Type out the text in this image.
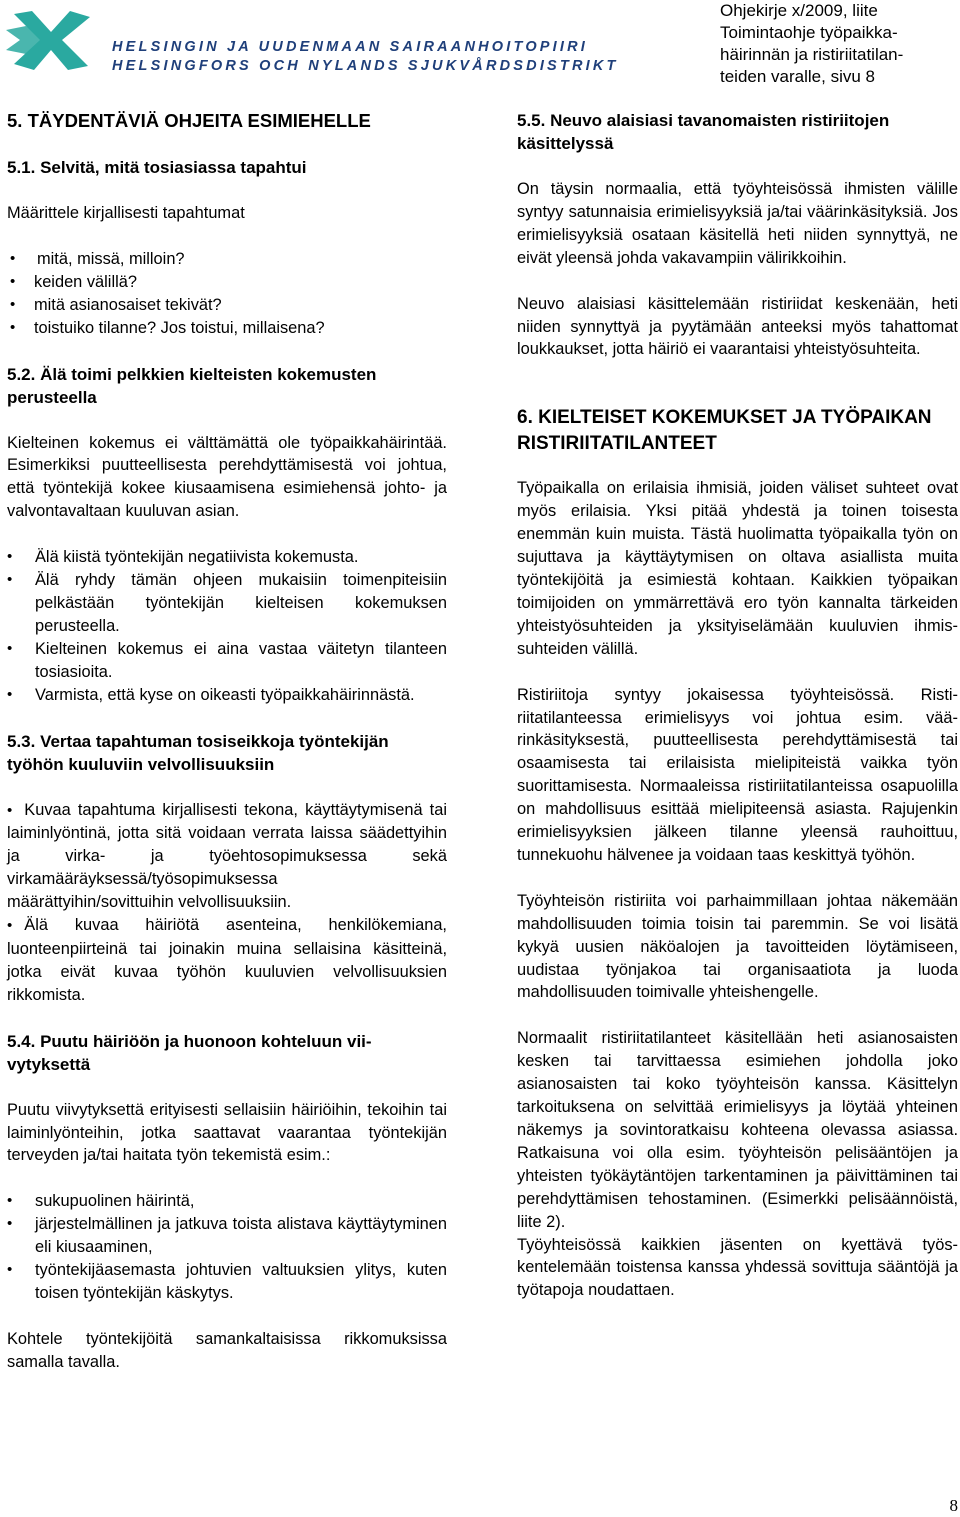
HELSINGIN JA UUDENMAAN SAIRAANHOITOPIIRI
HELSINGFORS OCH NYLANDS SJUKVÅRDSDISTRIKT
Ohjekirje x/2009, liite
Toimintaohje työpaikka-
häirinnän ja ristiriitatilan-
teiden varalle, sivu 8
5. TÄYDENTÄVIÄ OHJEITA ESIMIEHELLE
5.1. Selvitä, mitä tosiasiassa tapahtui
Määrittele kirjallisesti tapahtumat
• mitä, missä, milloin?
• keiden välillä?
• mitä asianosaiset tekivät?
• toistuiko tilanne? Jos toistui, millaisena?
5.2. Älä toimi pelkkien kielteisten kokemusten perusteella
Kielteinen kokemus ei välttämättä ole työpaikkahäirintää. Esimerkiksi puutteellisesta perehdyttämisestä voi johtua, että työntekijä kokee kiusaamisena esimiehensä johto- ja valvontavaltaan kuuluvan asian.
• Älä kiistä työntekijän negatiivista kokemusta.
• Älä ryhdy tämän ohjeen mukaisiin toimenpiteisiin pelkästään työntekijän kielteisen kokemuksen perusteella.
• Kielteinen kokemus ei aina vastaa väitetyn tilanteen tosiasioita.
• Varmista, että kyse on oikeasti työpaikkahäirinnästä.
5.3. Vertaa tapahtuman tosiseikkoja työntekijän työhön kuuluviin velvollisuuksiin
• Kuvaa tapahtuma kirjallisesti tekona, käyttäytymisenä tai laiminlyöntinä, jotta sitä voidaan verrata laissa säädettyihin ja virka- ja työehtosopimuksessa sekä virkamääräyksessä/työsopimuksessa määrättyihin/sovittuihin velvollisuuksiin.
• Älä kuvaa häiriötä asenteina, henkilökemiana, luonteenpiirteinä tai joinakin muina sellaisina käsitteinä, jotka eivät kuvaa työhön kuuluvien velvollisuuksien rikkomista.
5.4. Puutu häiriöön ja huonoon kohteluun viivytyksettä
Puutu viivytyksettä erityisesti sellaisiin häiriöihin, tekoihin tai laiminlyönteihin, jotka saattavat vaarantaa työntekijän terveyden ja/tai haitata työn tekemistä esim.:
• sukupuolinen häirintä,
• järjestelmällinen ja jatkuva toista alistava käyttäytyminen eli kiusaaminen,
• työntekijäasemasta johtuvien valtuuksien ylitys, kuten toisen työntekijän käskytys.
Kohtele työntekijöitä samankaltaisissa rikkomuksissa samalla tavalla.
5.5. Neuvo alaisiasi tavanomaisten ristiriitojen käsittelyssä
On täysin normaalia, että työyhteisössä ihmisten välille syntyy satunnaisia erimielisyyksiä ja/tai väärinkäsityksiä. Jos erimielisyyksiä osataan käsitellä heti niiden synnyttyä, ne eivät yleensä johda vakavampiin välirikkoihin.
Neuvo alaisiasi käsittelemään ristiriidat keskenään, heti niiden synnyttyä ja pyytämään anteeksi myös tahattomat loukkaukset, jotta häiriö ei vaarantaisi yhteistyösuhteita.
6. KIELTEISET KOKEMUKSET JA TYÖPAIKAN RISTIRIITATILANTEET
Työpaikalla on erilaisia ihmisiä, joiden väliset suhteet ovat myös erilaisia. Yksi pitää yhdestä ja toinen toisesta enemmän kuin muista. Tästä huolimatta työpaikalla työn on sujuttava ja käyttäytymisen on oltava asiallista muita työntekijöitä ja esimiestä kohtaan. Kaikkien työpaikan toimijoiden on ymmärrettävä ero työn kannalta tärkeiden yhteistyösuhteiden ja yksityiselämään kuuluvien ihmissuhteiden välillä.
Ristiriitoja syntyy jokaisessa työyhteisössä. Ristiriitatilanteessa erimielisyys voi johtua esim. väärinkäsityksestä, puutteellisesta perehdyttämisestä tai osaamisesta tai erilaisista mielipiteistä vaikka työn suorittamisesta. Normaaleissa ristiriitatilanteissa osapuolilla on mahdollisuus esittää mielipiteensä asiasta. Rajujenkin erimielisyyksien jälkeen tilanne yleensä rauhoittuu, tunnekuohu hälvenee ja voidaan taas keskittyä työhön.
Työyhteisön ristiriita voi parhaimmillaan johtaa näkemään mahdollisuuden toimia toisin tai paremmin. Se voi lisätä kykyä uusien näköalojen ja tavoitteiden löytämiseen, uudistaa työnjakoa tai organisaatiota ja luoda mahdollisuuden toimivalle yhteishengelle.
Normaalit ristiriitatilanteet käsitellään heti asianosaisten kesken tai tarvittaessa esimiehen johdolla joko asianosaisten tai koko työyhteisön kanssa. Käsittelyn tarkoituksena on selvittää erimielisyys ja löytää yhteinen näkemys ja sovintoratkaisu kohteena olevassa asiassa. Ratkaisuna voi olla esim. työyhteisön pelisääntöjen ja yhteisten työkäytäntöjen tarkentaminen ja päivittäminen tai perehdyttämisen tehostaminen. (Esimerkki pelisäännöistä, liite 2).
Työyhteisössä kaikkien jäsenten on kyettävä työskentelemään toistensa kanssa yhdessä sovittuja sääntöjä ja työtapoja noudattaen.
8
